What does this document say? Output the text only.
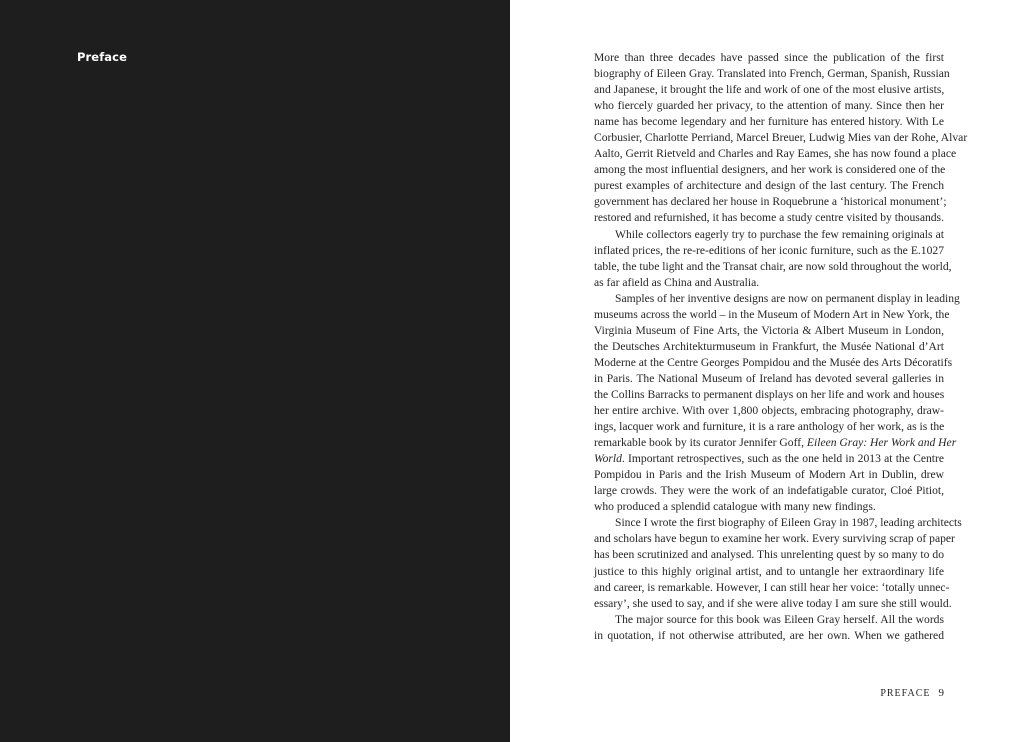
Preface	More than three decades have passed since the publication of the first
biography of Eileen Gray. Translated into French, German, Spanish, Russian
and Japanese, it brought the life and work of one of the most elusive artists,
who fiercely guarded her privacy, to the attention of many. Since then her
name has become legendary and her furniture has entered history. With Le
Corbusier, Charlotte Perriand, Marcel Breuer, Ludwig Mies van der Rohe, Alvar
Aalto, Gerrit Rietveld and Charles and Ray Eames, she has now found a place
among the most influential designers, and her work is considered one of the
purest examples of architecture and design of the last century. The French
government has declared her house in Roquebrune a ‘historical monument’;
restored and refurnished, it has become a study centre visited by thousands.
While collectors eagerly try to purchase the few remaining originals at
inflated prices, the re-re-editions of her iconic furniture, such as the E.1027
table, the tube light and the Transat chair, are now sold throughout the world,
as far afield as China and Australia.
Samples of her inventive designs are now on permanent display in leading
museums across the world – in the Museum of Modern Art in New York, the
Virginia Museum of Fine Arts, the Victoria & Albert Museum in London,
the Deutsches Architekturmuseum in Frankfurt, the Musée National d’Art
Moderne at the Centre Georges Pompidou and the Musée des Arts Décoratifs
in Paris. The National Museum of Ireland has devoted several galleries in
the Collins Barracks to permanent displays on her life and work and houses
her entire archive. With over 1,800 objects, embracing photography, draw-
ings, lacquer work and furniture, it is a rare anthology of her work, as is the
remarkable book by its curator Jennifer Goff, Eileen Gray: Her Work and Her
World. Important retrospectives, such as the one held in 2013 at the Centre
Pompidou in Paris and the Irish Museum of Modern Art in Dublin, drew
large crowds. They were the work of an indefatigable curator, Cloé Pitiot,
who produced a splendid catalogue with many new findings.
Since I wrote the first biography of Eileen Gray in 1987, leading architects
and scholars have begun to examine her work. Every surviving scrap of paper
has been scrutinized and analysed. This unrelenting quest by so many to do
justice to this highly original artist, and to untangle her extraordinary life
and career, is remarkable. However, I can still hear her voice: ‘totally unnec-
essary’, she used to say, and if she were alive today I am sure she still would.
The major source for this book was Eileen Gray herself. All the words
in quotation, if not otherwise attributed, are her own. When we gathered
PREFACE 9
